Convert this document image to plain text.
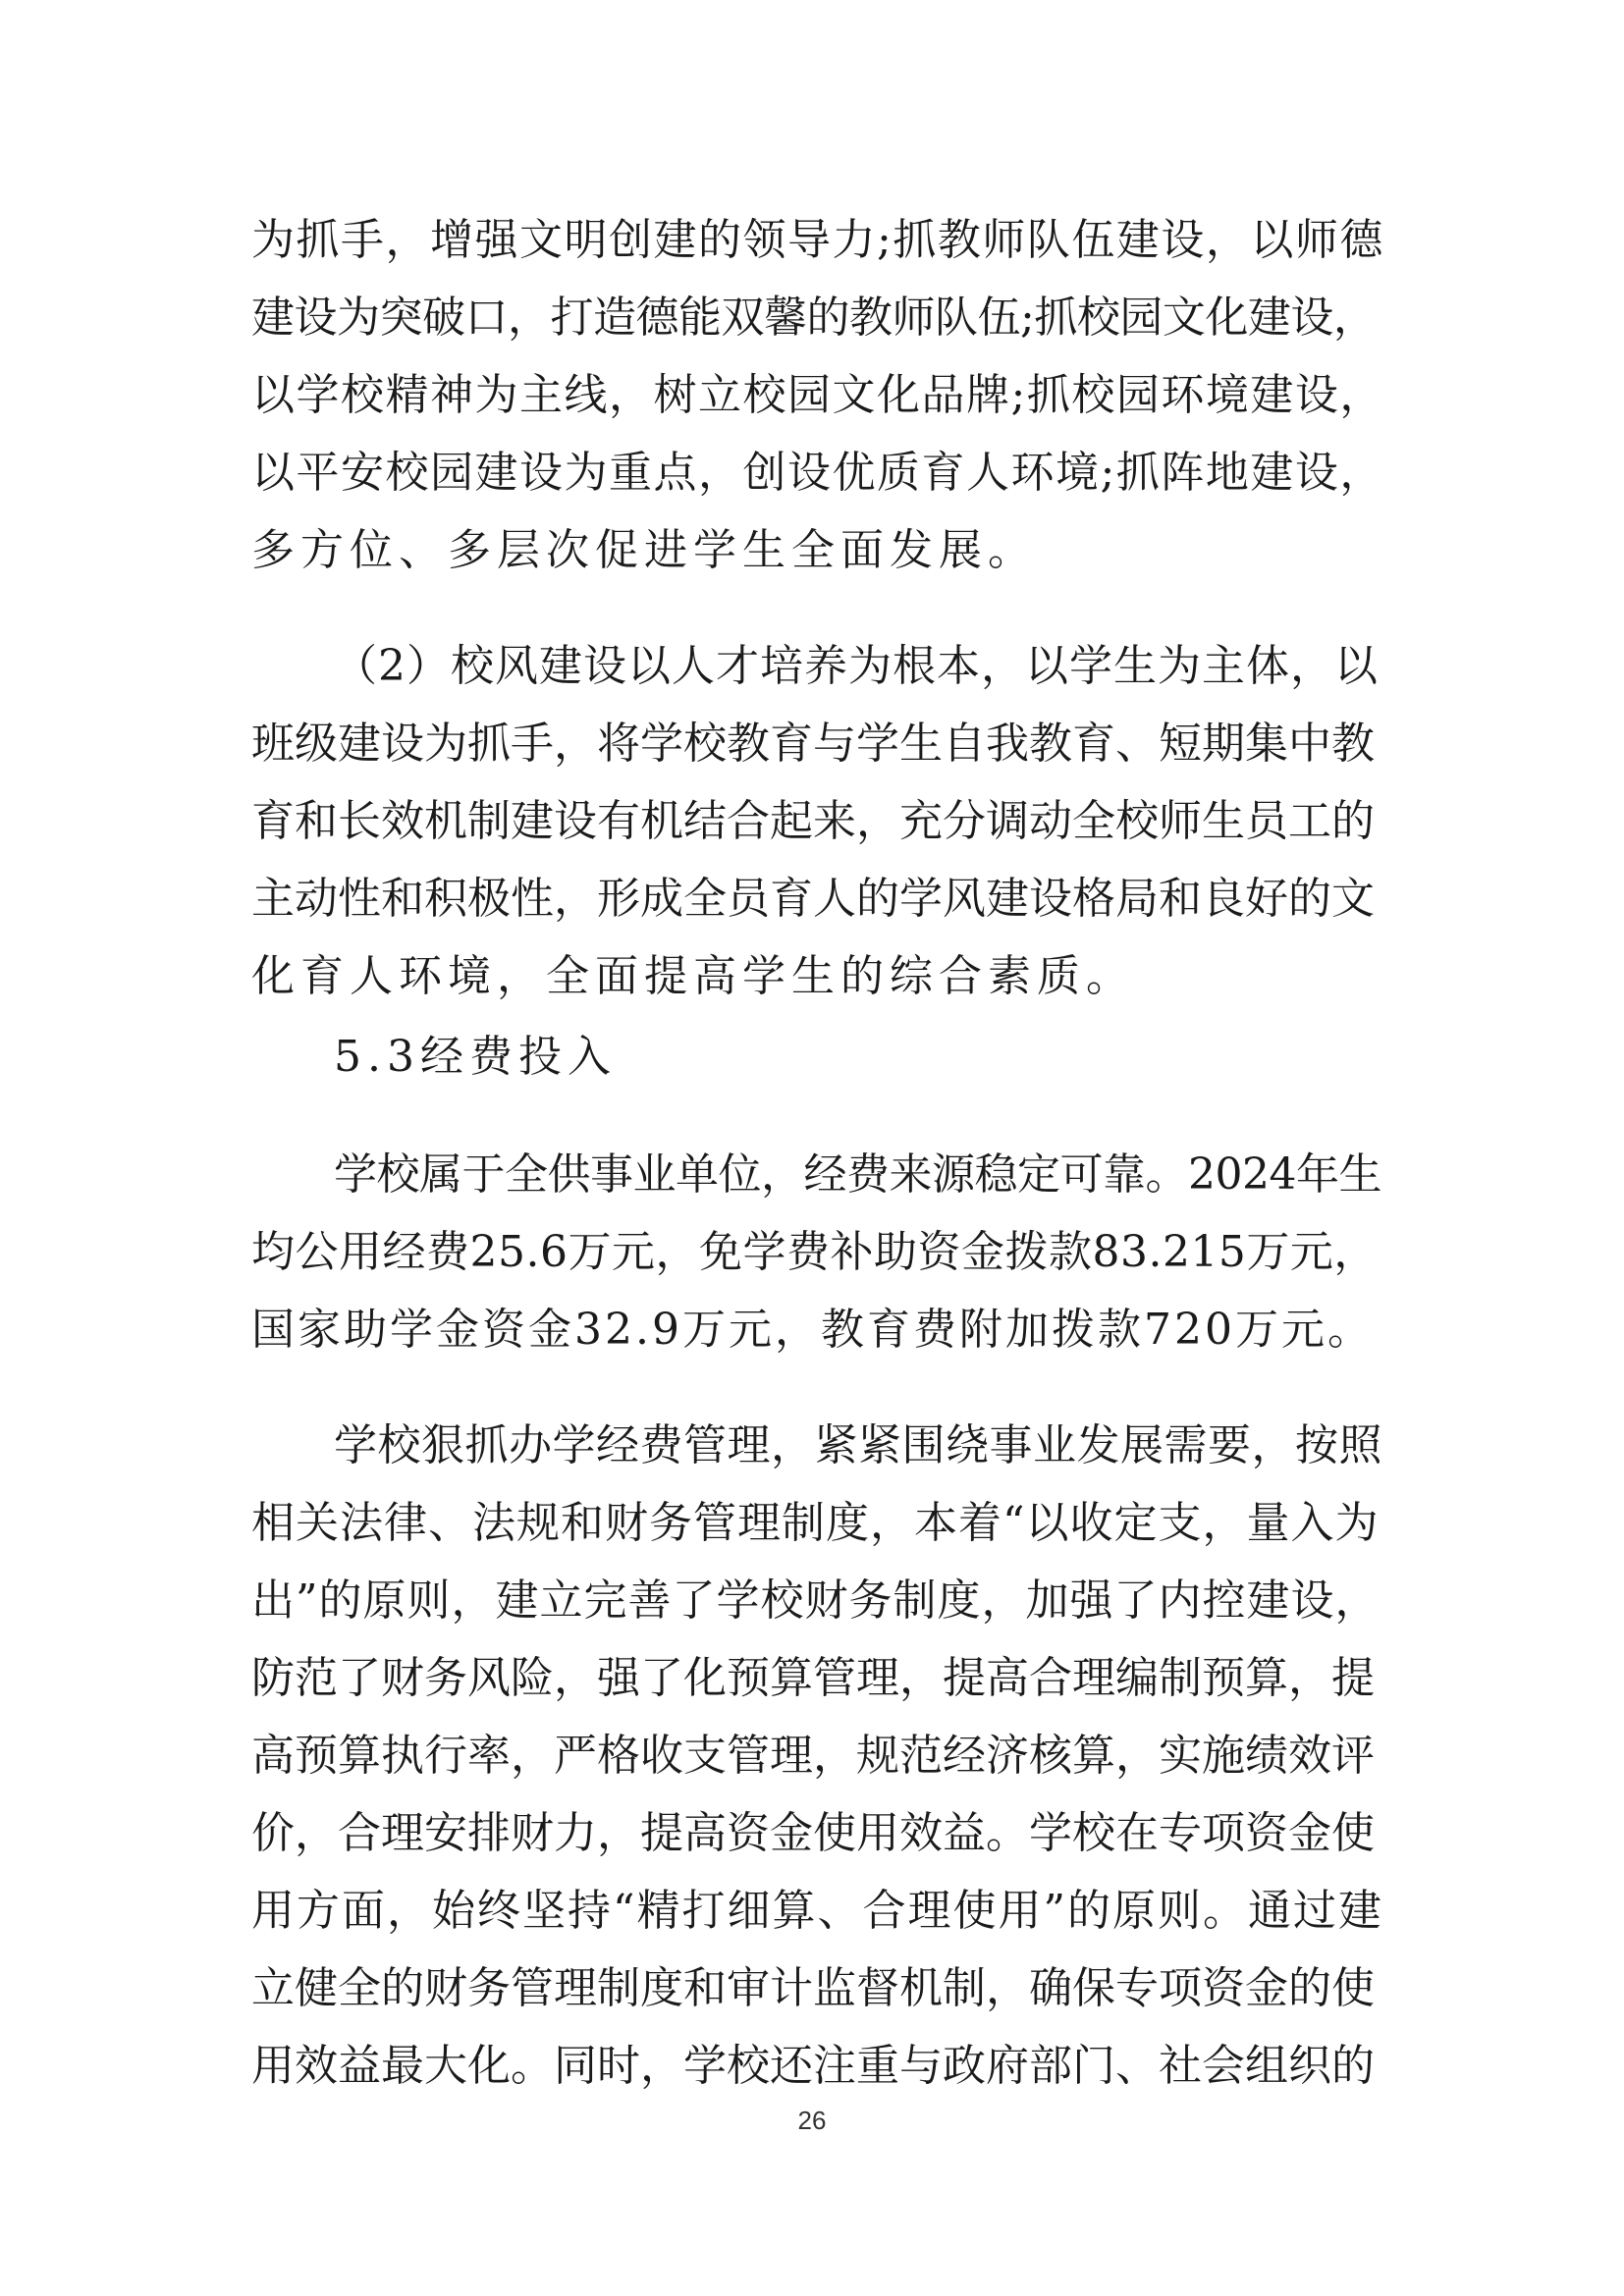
为抓手，增强文明创建的领导力;抓教师队伍建设，以师德
建设为突破口，打造德能双馨的教师队伍;抓校园文化建设，
以学校精神为主线，树立校园文化品牌;抓校园环境建设，
以平安校园建设为重点，创设优质育人环境;抓阵地建设，
多方位、多层次促进学生全面发展。
（2）校风建设以人才培养为根本，以学生为主体，以
班级建设为抓手，将学校教育与学生自我教育、短期集中教
育和长效机制建设有机结合起来，充分调动全校师生员工的
主动性和积极性，形成全员育人的学风建设格局和良好的文
化育人环境，全面提高学生的综合素质。
5.3经费投入
学校属于全供事业单位，经费来源稳定可靠。2024年生
均公用经费25.6万元，免学费补助资金拨款83.215万元，
国家助学金资金32.9万元，教育费附加拨款720万元。
学校狠抓办学经费管理，紧紧围绕事业发展需要，按照
相关法律、法规和财务管理制度，本着“以收定支，量入为
出”的原则，建立完善了学校财务制度，加强了内控建设，
防范了财务风险，强了化预算管理，提高合理编制预算，提
高预算执行率，严格收支管理，规范经济核算，实施绩效评
价，合理安排财力，提高资金使用效益。学校在专项资金使
用方面，始终坚持“精打细算、合理使用”的原则。通过建
立健全的财务管理制度和审计监督机制，确保专项资金的使
用效益最大化。同时，学校还注重与政府部门、社会组织的
26
